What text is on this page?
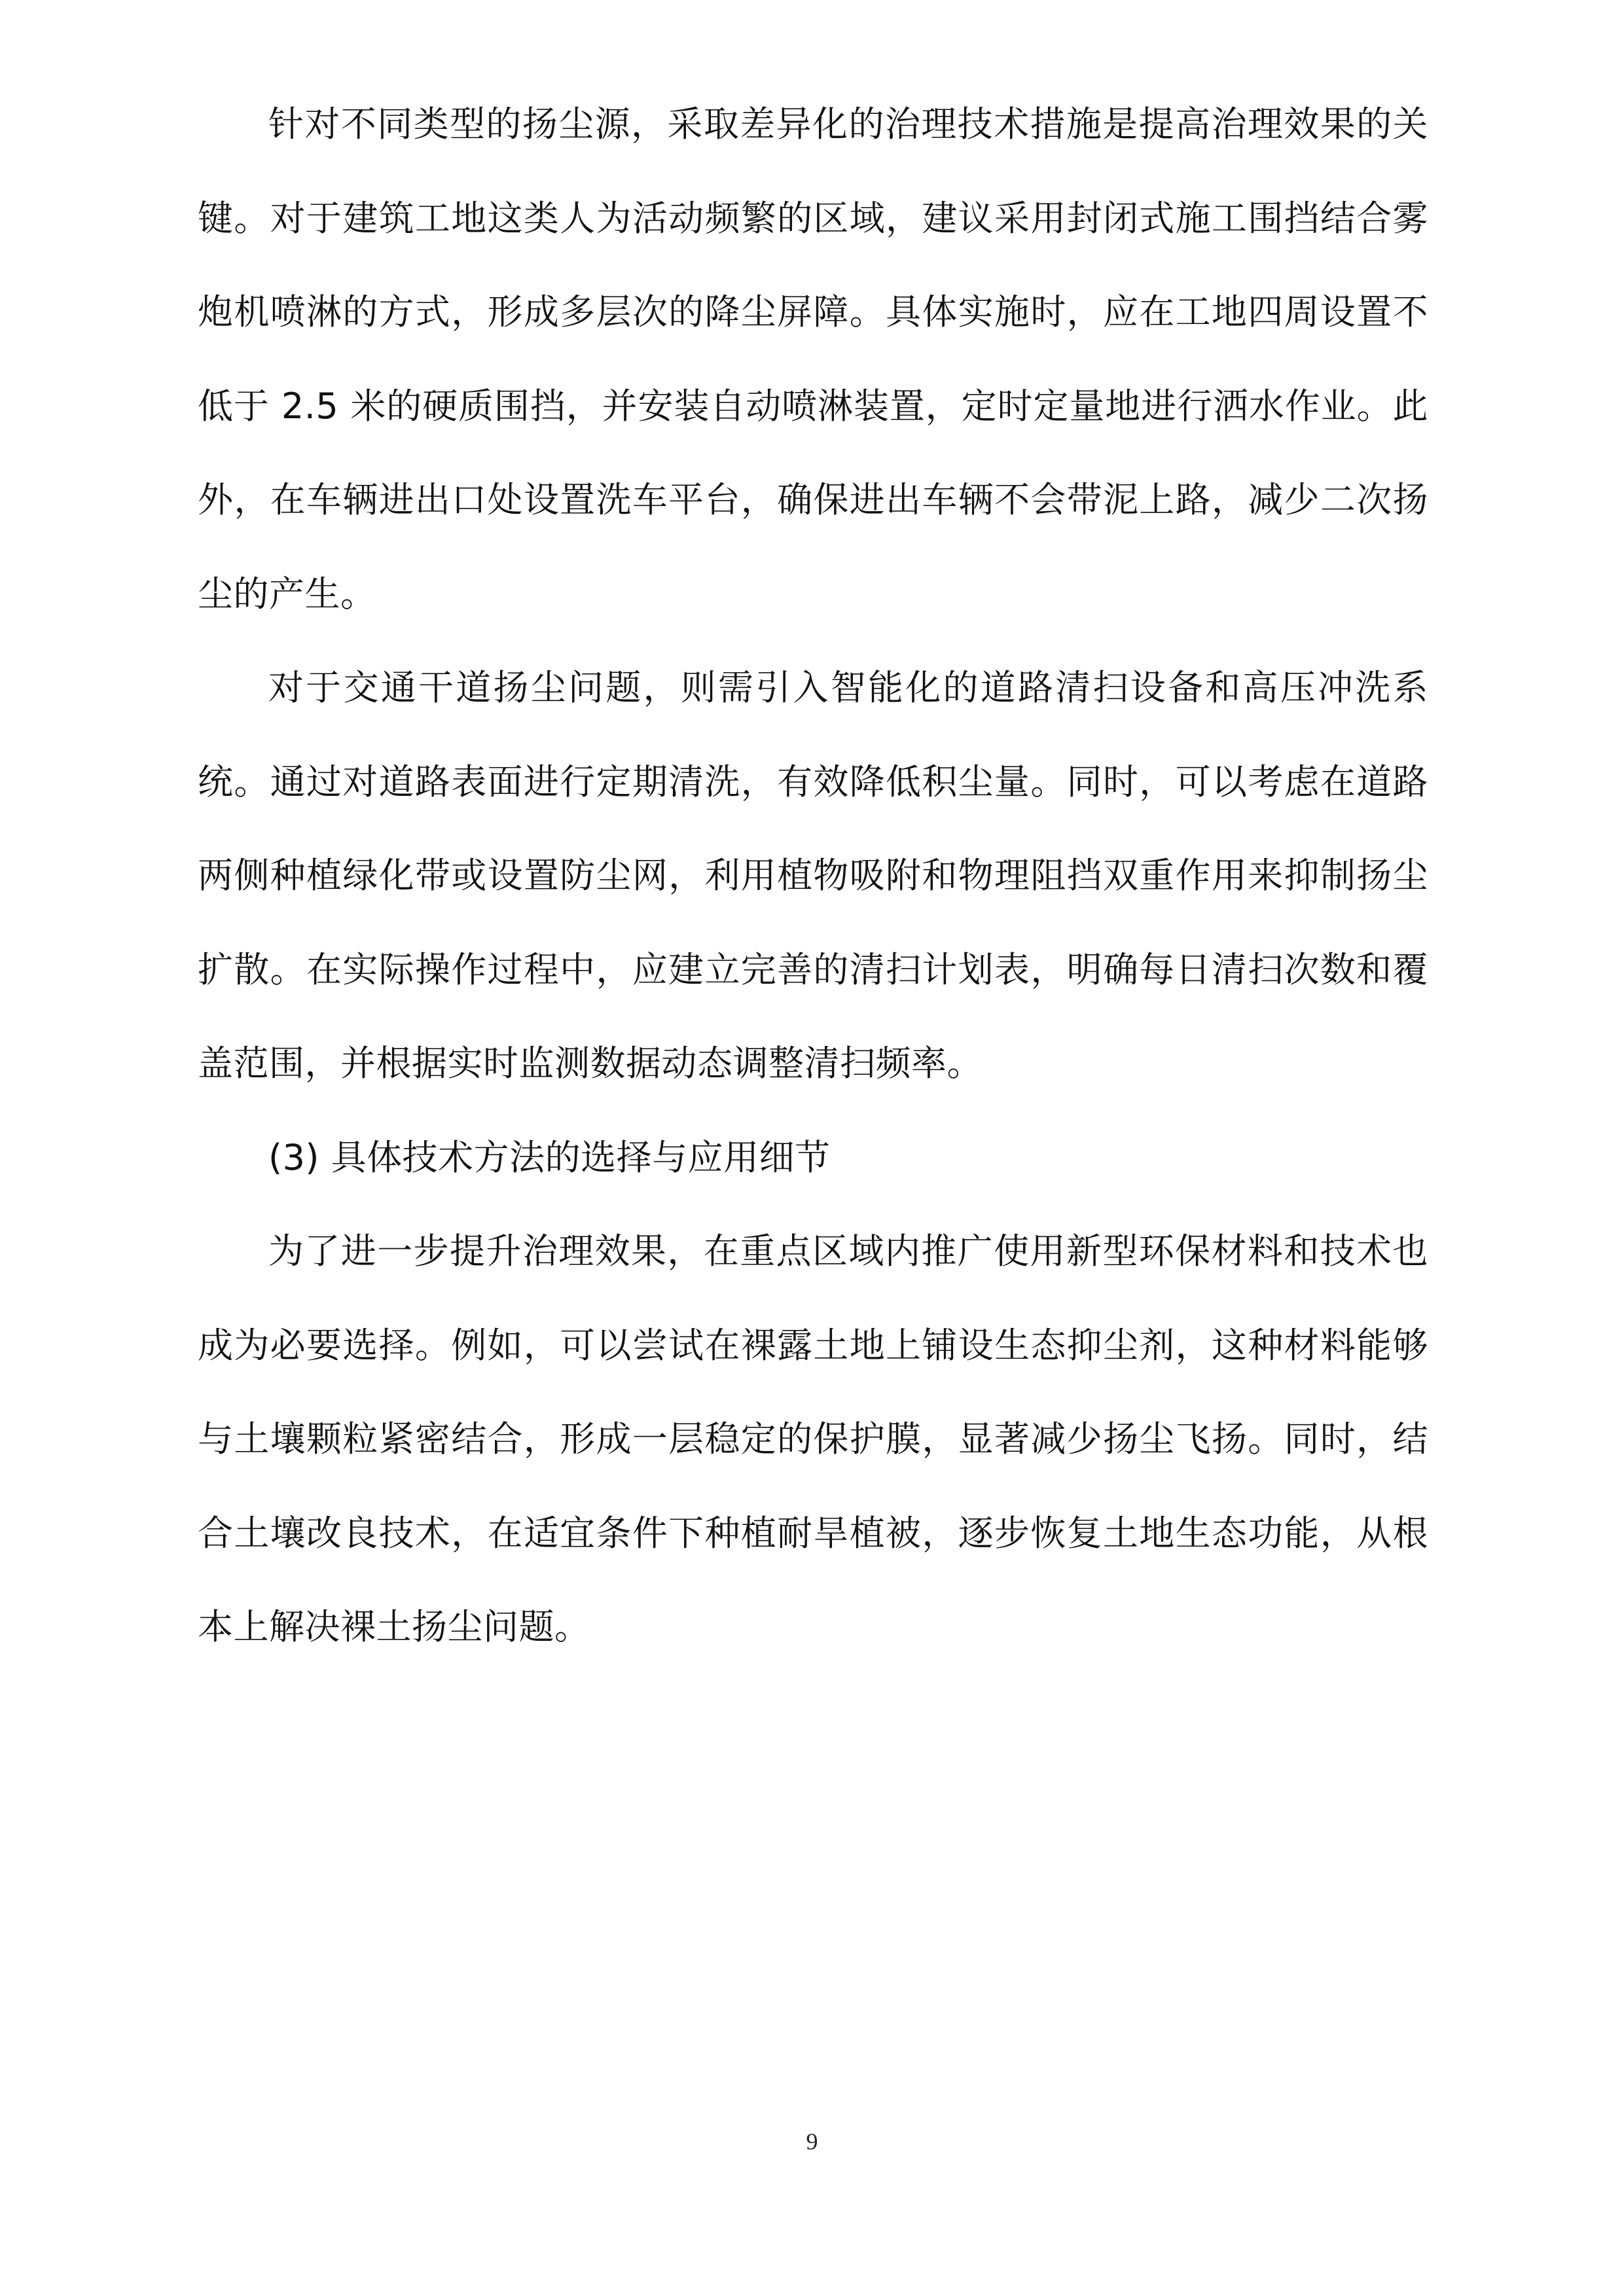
针对不同类型的扬尘源，采取差异化的治理技术措施是提高治理效果的关键。对于建筑工地这类人为活动频繁的区域，建议采用封闭式施工围挡结合雾炮机喷淋的方式，形成多层次的降尘屏障。具体实施时，应在工地四周设置不低于 2.5 米的硬质围挡，并安装自动喷淋装置，定时定量地进行洒水作业。此外，在车辆进出口处设置洗车平台，确保进出车辆不会带泥上路，减少二次扬尘的产生。

对于交通干道扬尘问题，则需引入智能化的道路清扫设备和高压冲洗系统。通过对道路表面进行定期清洗，有效降低积尘量。同时，可以考虑在道路两侧种植绿化带或设置防尘网，利用植物吸附和物理阻挡双重作用来抑制扬尘扩散。在实际操作过程中，应建立完善的清扫计划表，明确每日清扫次数和覆盖范围，并根据实时监测数据动态调整清扫频率。

(3) 具体技术方法的选择与应用细节

为了进一步提升治理效果，在重点区域内推广使用新型环保材料和技术也成为必要选择。例如，可以尝试在裸露土地上铺设生态抑尘剂，这种材料能够与土壤颗粒紧密结合，形成一层稳定的保护膜，显著减少扬尘飞扬。同时，结合土壤改良技术，在适宜条件下种植耐旱植被，逐步恢复土地生态功能，从根本上解决裸土扬尘问题。

9
